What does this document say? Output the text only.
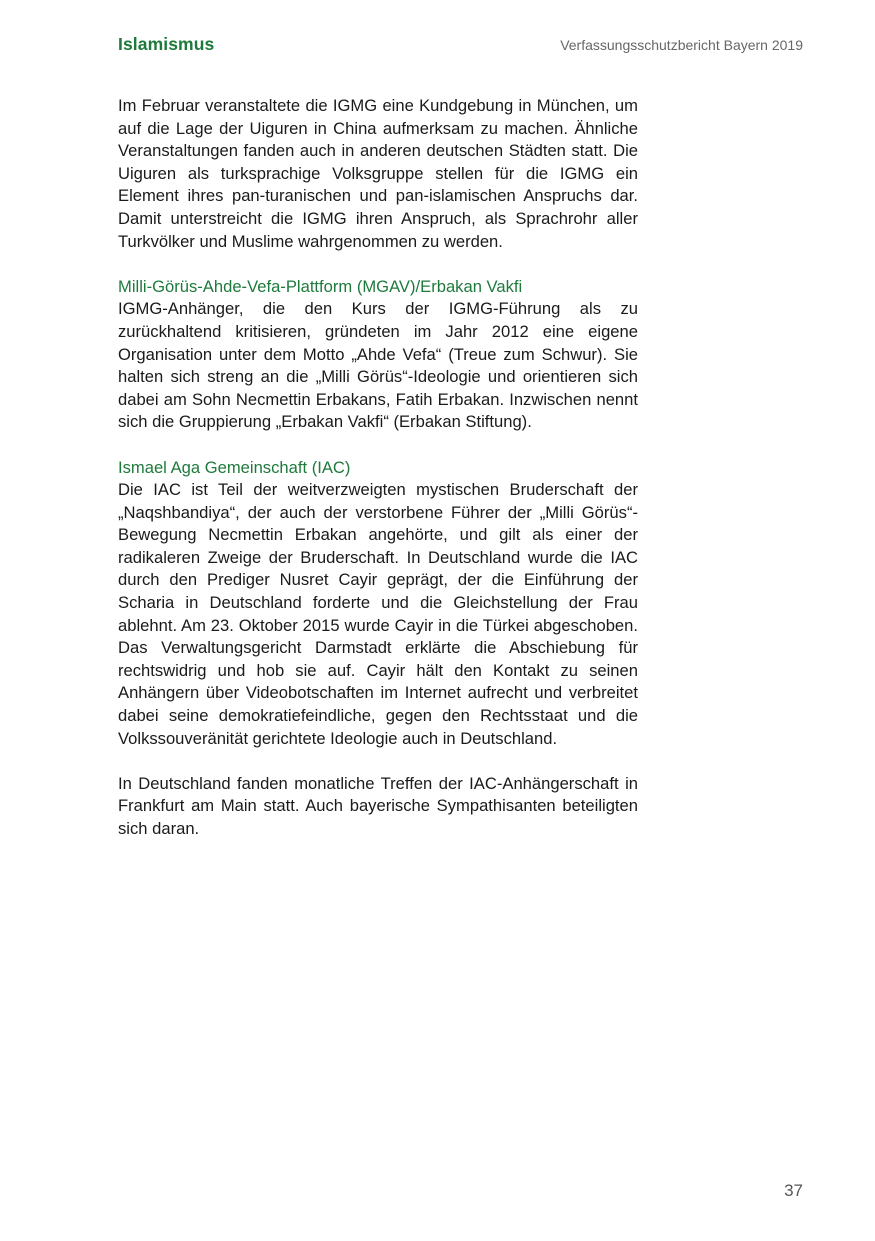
Islamismus	Verfassungsschutzbericht Bayern 2019

Im Februar veranstaltete die IGMG eine Kundgebung in München, um auf die Lage der Uiguren in China aufmerksam zu machen. Ähnliche Veranstaltungen fanden auch in anderen deutschen Städten statt. Die Uiguren als turksprachige Volksgruppe stellen für die IGMG ein Element ihres pan-turanischen und pan-islamischen Anspruchs dar. Damit unterstreicht die IGMG ihren Anspruch, als Sprachrohr aller Turkvölker und Muslime wahrgenommen zu werden.

Milli-Görüs-Ahde-Vefa-Plattform (MGAV)/Erbakan Vakfi

IGMG-Anhänger, die den Kurs der IGMG-Führung als zu zurückhaltend kritisieren, gründeten im Jahr 2012 eine eigene Organisation unter dem Motto „Ahde Vefa“ (Treue zum Schwur). Sie halten sich streng an die „Milli Görüs“-Ideologie und orientieren sich dabei am Sohn Necmettin Erbakans, Fatih Erbakan. Inzwischen nennt sich die Gruppierung „Erbakan Vakfi“ (Erbakan Stiftung).

Ismael Aga Gemeinschaft (IAC)

Die IAC ist Teil der weitverzweigten mystischen Bruderschaft der „Naqshbandiya“, der auch der verstorbene Führer der „Milli Görüs“-Bewegung Necmettin Erbakan angehörte, und gilt als einer der radikaleren Zweige der Bruderschaft. In Deutschland wurde die IAC durch den Prediger Nusret Cayir geprägt, der die Einführung der Scharia in Deutschland forderte und die Gleichstellung der Frau ablehnt. Am 23. Oktober 2015 wurde Cayir in die Türkei abgeschoben. Das Verwaltungsgericht Darmstadt erklärte die Abschiebung für rechtswidrig und hob sie auf. Cayir hält den Kontakt zu seinen Anhängern über Videobotschaften im Internet aufrecht und verbreitet dabei seine demokratiefeindliche, gegen den Rechtsstaat und die Volkssouveränität gerichtete Ideologie auch in Deutschland.

In Deutschland fanden monatliche Treffen der IAC-Anhängerschaft in Frankfurt am Main statt. Auch bayerische Sympathisanten beteiligten sich daran.

37
